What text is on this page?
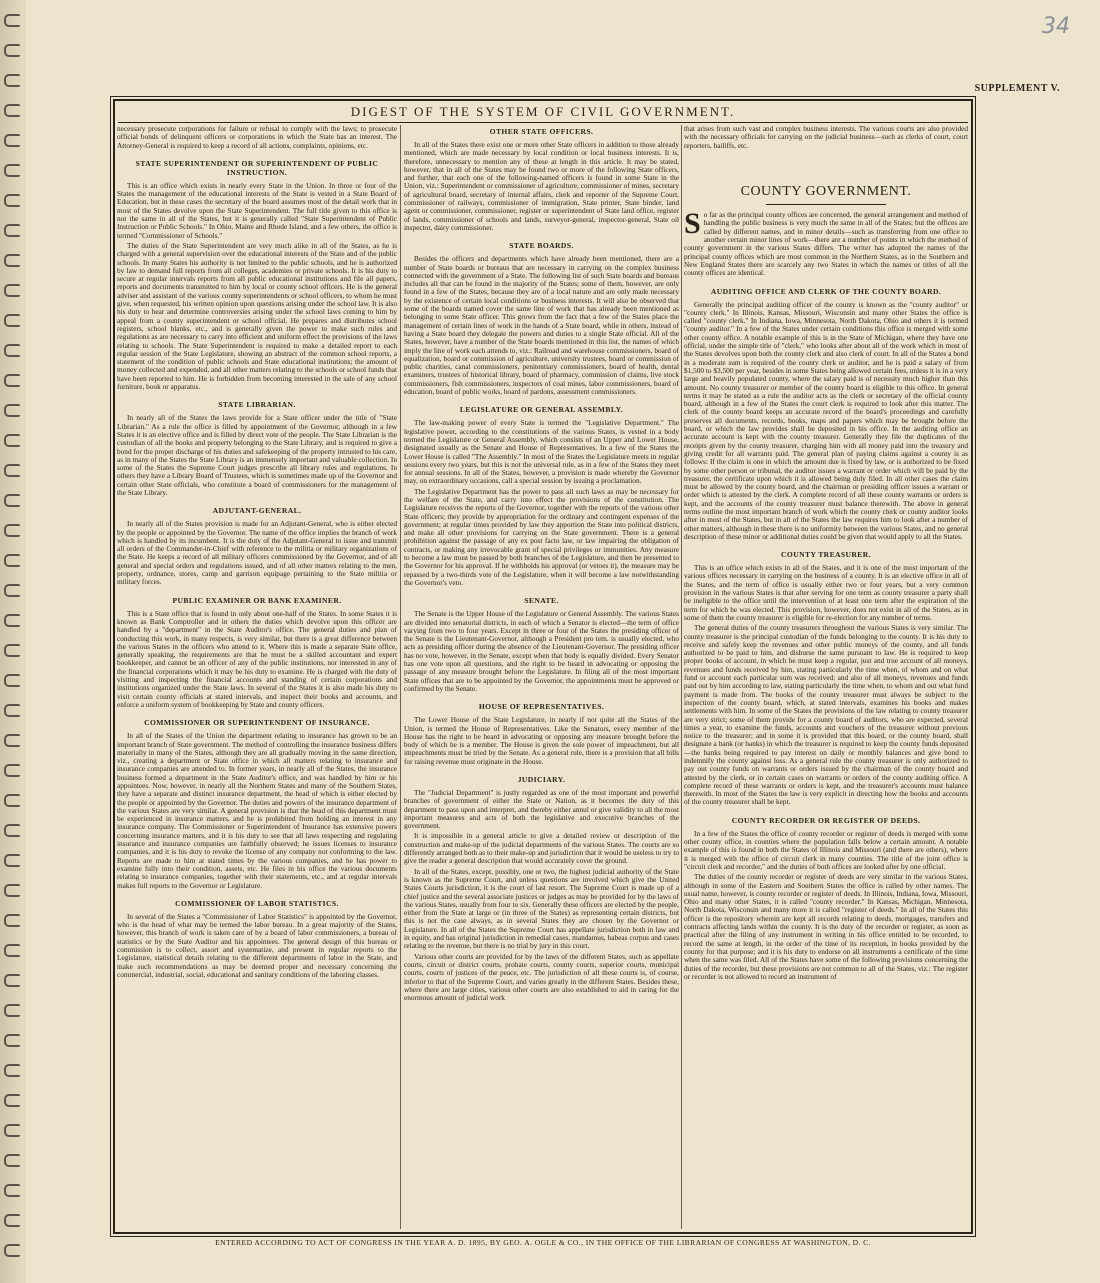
34
SUPPLEMENT V.
DIGEST OF THE SYSTEM OF CIVIL GOVERNMENT.

necessary prosecute corporations for failure or refusal to comply with the laws; to prosecute official bonds of delinquent officers or corporations in which the State has an interest. The Attorney-General is required to keep a record of all actions, complaints, opinions, etc.

STATE SUPERINTENDENT OR SUPERINTENDENT OF PUBLIC INSTRUCTION.

This is an office which exists in nearly every State in the Union. In three or four of the States the management of the educational interests of the State is vested in a State Board of Education, but in these cases the secretary of the board assumes most of the detail work that in most of the States devolve upon the State Superintendent. The full title given to this office is not the same in all of the States, but it is generally called "State Superintendent of Public Instruction or Public Schools." In Ohio, Maine and Rhode Island, and a few others, the office is termed "Commissioner of Schools."

The duties of the State Superintendent are very much alike in all of the States, as he is charged with a general supervision over the educational interests of the State and of the public schools. In many States his authority is not limited to the public schools, and he is authorized by law to demand full reports from all colleges, academies or private schools. It is his duty to secure at regular intervals reports from all public educational institutions and file all papers, reports and documents transmitted to him by local or county school officers. He is the general adviser and assistant of the various county superintendents or school officers, to whom he must give, when requested, his written opinion upon questions arising under the school law. It is also his duty to hear and determine controversies arising under the school laws coming to him by appeal from a county superintendent or school official. He prepares and distributes school registers, school blanks, etc., and is generally given the power to make such rules and regulations as are necessary to carry into efficient and uniform effect the provisions of the laws relating to schools. The State Superintendent is required to make a detailed report to each regular session of the State Legislature, showing an abstract of the common school reports, a statement of the condition of public schools and State educational institutions; the amount of money collected and expended, and all other matters relating to the schools or school funds that have been reported to him. He is forbidden from becoming interested in the sale of any school furniture, book or apparatus.

STATE LIBRARIAN.

In nearly all of the States the laws provide for a State officer under the title of "State Librarian." As a rule the office is filled by appointment of the Governor, although in a few States it is an elective office and is filled by direct vote of the people. The State Librarian is the custodian of all the books and property belonging to the State Library, and is required to give a bond for the proper discharge of his duties and safekeeping of the property intrusted to his care, as in many of the States the State Library is an immensely important and valuable collection. In some of the States the Supreme Court judges prescribe all library rules and regulations. In others they have a Library Board of Trustees, which is sometimes made up of the Governor and certain other State officials, who constitute a board of commissioners for the management of the State Library.

ADJUTANT-GENERAL.

In nearly all of the States provision is made for an Adjutant-General, who is either elected by the people or appointed by the Governor. The name of the office implies the branch of work which is handled by its incumbent. It is the duty of the Adjutant-General to issue and transmit all orders of the Commander-in-Chief with reference to the militia or military organizations of the State. He keeps a record of all military officers commissioned by the Governor, and of all general and special orders and regulations issued, and of all other matters relating to the men, property, ordnance, stores, camp and garrison equipage pertaining to the State militia or military forces.

PUBLIC EXAMINER OR BANK EXAMINER.

This is a State office that is found in only about one-half of the States. In some States it is known as Bank Comptroller and in others the duties which devolve upon this officer are handled by a "department" in the State Auditor's office. The general duties and plan of conducting this work, in many respects, is very similar, but there is a great difference between the various States in the officers who attend to it. Where this is made a separate State office, generally speaking, the requirements are that he must be a skilled accountant and expert bookkeeper, and cannot be an officer of any of the public institutions, nor interested in any of the financial corporations which it may be his duty to examine. He is charged with the duty of visiting and inspecting the financial accounts and standing of certain corporations and institutions organized under the State laws. In several of the States it is also made his duty to visit certain county officials at stated intervals, and inspect their books and accounts, and enforce a uniform system of bookkeeping by State and county officers.

COMMISSIONER OR SUPERINTENDENT OF INSURANCE.

In all of the States of the Union the department relating to insurance has grown to be an important branch of State government. The method of controlling the insurance business differs materially in many of the States, although they are all gradually moving in the same direction, viz., creating a department or State office in which all matters relating to insurance and insurance companies are attended to. In former years, in nearly all of the States, the insurance business formed a department in the State Auditor's office, and was handled by him or his appointees. Now, however, in nearly all the Northern States and many of the Southern States, they have a separate and distinct insurance department, the head of which is either elected by the people or appointed by the Governor. The duties and powers of the insurance department of the various States are very similar. A general provision is that the head of this department must be experienced in insurance matters, and he is prohibited from holding an interest in any insurance company. The Commissioner or Superintendent of Insurance has extensive powers concerning insurance matters, and it is his duty to see that all laws respecting and regulating insurance and insurance companies are faithfully observed; he issues licenses to insurance companies, and it is his duty to revoke the license of any company not conforming to the law. Reports are made to him at stated times by the various companies, and he has power to examine fully into their condition, assets, etc. He files in his office the various documents relating to insurance companies, together with their statements, etc., and at regular intervals makes full reports to the Governor or Legislature.

COMMISSIONER OF LABOR STATISTICS.

In several of the States a "Commissioner of Labor Statistics" is appointed by the Governor, who is the head of what may be termed the labor bureau. In a great majority of the States, however, this branch of work is taken care of by a board of labor commissioners, a bureau of statistics or by the State Auditor and his appointees. The general design of this bureau or commission is to collect, assort and systematize, and present in regular reports to the Legislature, statistical details relating to the different departments of labor in the State, and make such recommendations as may be deemed proper and necessary concerning the commercial, industrial, social, educational and sanitary conditions of the laboring classes.

OTHER STATE OFFICERS.

In all of the States there exist one or more other State officers in addition to those already mentioned, which are made necessary by local condition or local business interests. It is, therefore, unnecessary to mention any of these at length in this article. It may be stated, however, that in all of the States may be found two or more of the following State officers, and further, that each one of the following-named officers is found in some State in the Union, viz.: Superintendent or commissioner of agriculture, commissioner of mines, secretary of agricultural board, secretary of internal affairs, clerk and reporter of the Supreme Court, commissioner of railways, commissioner of immigration, State printer, State binder, land agent or commissioner, commissioner, register or superintendent of State land office, register of lands, commissioner of schools and lands, surveyor-general, inspector-general, State oil inspector, dairy commissioner.

STATE BOARDS.

Besides the officers and departments which have already been mentioned, there are a number of State boards or bureaus that are necessary in carrying on the complex business connected with the government of a State. The following list of such State boards and bureaus includes all that can be found in the majority of the States; some of them, however, are only found in a few of the States, because they are of a local nature and are only made necessary by the existence of certain local conditions or business interests. It will also be observed that some of the boards named cover the same line of work that has already been mentioned as belonging to some State officer. This grows from the fact that a few of the States place the management of certain lines of work in the hands of a State board, while in others, instead of having a State board they delegate the powers and duties to a single State official. All of the States, however, have a number of the State boards mentioned in this list, the names of which imply the line of work each attends to, viz.: Railroad and warehouse commissioners, board of equalization, board or commission of agriculture, university trustees, board or commission of public charities, canal commissioners, penitentiary commissioners, board of health, dental examiners, trustees of historical library, board of pharmacy, commission of claims, live stock commissioners, fish commissioners, inspectors of coal mines, labor commissioners, board of education, board of public works, board of pardons, assessment commissioners.

LEGISLATURE OR GENERAL ASSEMBLY.

The law-making power of every State is termed the "Legislative Department." The legislative power, according to the constitutions of the various States, is vested in a body termed the Legislature or General Assembly, which consists of an Upper and Lower House, designated usually as the Senate and House of Representatives. In a few of the States the Lower House is called "The Assembly." In most of the States the Legislature meets in regular sessions every two years, but this is not the universal rule, as in a few of the States they meet for annual sessions. In all of the States, however, a provision is made whereby the Governor may, on extraordinary occasions, call a special session by issuing a proclamation.

The Legislative Department has the power to pass all such laws as may be necessary for the welfare of the State, and carry into effect the provisions of the constitution. The Legislature receives the reports of the Governor, together with the reports of the various other State officers; they provide by appropriation for the ordinary and contingent expenses of the government; at regular times provided by law they apportion the State into political districts, and make all other provisions for carrying on the State government. There is a general prohibition against the passage of any ex post facto law, or law impairing the obligation of contracts, or making any irrevocable grant of special privileges or immunities. Any measure to become a law must be passed by both branches of the Legislature, and then be presented to the Governor for his approval. If he withholds his approval (or vetoes it), the measure may be repassed by a two-thirds vote of the Legislature, when it will become a law notwithstanding the Governor's veto.

SENATE.

The Senate is the Upper House of the Legislature or General Assembly. The various States are divided into senatorial districts, in each of which a Senator is elected—the term of office varying from two to four years. Except in three or four of the States the presiding officer of the Senate is the Lieutenant-Governor, although a President pro tem. is usually elected, who acts as presiding officer during the absence of the Lieutenant-Governor. The presiding officer has no vote, however, in the Senate, except when that body is equally divided. Every Senator has one vote upon all questions, and the right to be heard in advocating or opposing the passage of any measure brought before the Legislature. In filing all of the most important State offices that are to be appointed by the Governor, the appointments must be approved or confirmed by the Senate.

HOUSE OF REPRESENTATIVES.

The Lower House of the State Legislature, in nearly if not quite all the States of the Union, is termed the House of Representatives. Like the Senators, every member of the House has the right to be heard in advocating or opposing any measure brought before the body of which he is a member. The House is given the sole power of impeachment, but all impeachments must be tried by the Senate. As a general rule, there is a provision that all bills for raising revenue must originate in the House.

JUDICIARY.

The "Judicial Department" is justly regarded as one of the most important and powerful branches of government of either the State or Nation, as it becomes the duty of this department to pass upon and interpret, and thereby either annul or give validity to all the most important measures and acts of both the legislative and executive branches of the government.

It is impossible in a general article to give a detailed review or description of the construction and make-up of the judicial departments of the various States. The courts are so differently arranged both as to their make-up and jurisdiction that it would be useless to try to give the reader a general description that would accurately cover the ground.

In all of the States, except, possibly, one or two, the highest judicial authority of the State is known as the Supreme Court, and unless questions are involved which give the United States Courts jurisdiction, it is the court of last resort. The Supreme Court is made up of a chief justice and the several associate justices or judges as may be provided for by the laws of the various States, usually from four to six. Generally these officers are elected by the people, either from the State at large or (in three of the States) as representing certain districts, but this is not the case always, as in several States they are chosen by the Governor or Legislature. In all of the States the Supreme Court has appellate jurisdiction both in law and in equity, and has original jurisdiction in remedial cases, mandamus, habeas corpus and cases relating to the revenue, but there is no trial by jury in this court.

Various other courts are provided for by the laws of the different States, such as appellate courts, circuit or district courts, probate courts, county courts, superior courts, municipal courts, courts of justices of the peace, etc. The jurisdiction of all these courts is, of course, inferior to that of the Supreme Court, and varies greatly in the different States. Besides these, where there are large cities, various other courts are also established to aid in caring for the enormous amount of judicial work

that arises from such vast and complex business interests. The various courts are also provided with the necessary officials for carrying on the judicial business—such as clerks of court, court reporters, bailiffs, etc.

COUNTY GOVERNMENT.

So far as the principal county offices are concerned, the general arrangement and method of handling the public business is very much the same in all of the States; but the offices are called by different names, and in minor details—such as transferring from one office to another certain minor lines of work—there are a number of points in which the method of county government in the various States differs. The writer has adopted the names of the principal county offices which are most common in the Northern States, as in the Southern and New England States there are scarcely any two States in which the names or titles of all the county offices are identical.

AUDITING OFFICE AND CLERK OF THE COUNTY BOARD.

Generally the principal auditing officer of the county is known as the "county auditor" or "county clerk." In Illinois, Kansas, Missouri, Wisconsin and many other States the office is called "county clerk." In Indiana, Iowa, Minnesota, North Dakota, Ohio and others it is termed "county auditor." In a few of the States under certain conditions this office is merged with some other county office. A notable example of this is in the State of Michigan, where they have one official, under the simple title of "clerk," who looks after about all of the work which in most of the States devolves upon both the county clerk and also clerk of court. In all of the States a bond in a moderate sum is required of the county clerk or auditor, and he is paid a salary of from $1,500 to $3,500 per year, besides in some States being allowed certain fees, unless it is in a very large and heavily populated county, where the salary paid is of necessity much higher than this amount. No county treasurer or member of the county board is eligible to this office. In general terms it may be stated as a rule the auditor acts as the clerk or secretary of the official county board, although in a few of the States the court clerk is required to look after this matter. The clerk of the county board keeps an accurate record of the board's proceedings and carefully preserves all documents, records, books, maps and papers which may be brought before the board, or which the law provides shall be deposited in his office. In the auditing office an accurate account is kept with the county treasurer. Generally they file the duplicates of the receipts given by the county treasurer, charging him with all money paid into the treasury and giving credit for all warrants paid. The general plan of paying claims against a county is as follows: If the claim is one in which the amount due is fixed by law, or is authorized to be fixed by some other person or tribunal, the auditor issues a warrant or order which will be paid by the treasurer, the certificate upon which it is allowed being duly filed. In all other cases the claim must be allowed by the county board, and the chairman or presiding officer issues a warrant or order which is attested by the clerk. A complete record of all these county warrants or orders is kept, and the accounts of the county treasurer must balance therewith. The above in general terms outline the most important branch of work which the county clerk or county auditor looks after in most of the States, but in all of the States the law requires him to look after a number of other matters, although in these there is no uniformity between the various States, and no general description of these minor or additional duties could be given that would apply to all the States.

COUNTY TREASURER.

This is an office which exists in all of the States, and it is one of the most important of the various offices necessary in carrying on the business of a county. It is an elective office in all of the States, and the term of office is usually either two or four years, but a very common provision in the various States is that after serving for one term as county treasurer a party shall be ineligible to the office until the intervention of at least one term after the expiration of the term for which he was elected. This provision, however, does not exist in all of the States, as in some of them the county treasurer is eligible for re-election for any number of terms.

The general duties of the county treasurers throughout the various States is very similar. The county treasurer is the principal custodian of the funds belonging to the county. It is his duty to receive and safely keep the revenues and other public moneys of the county, and all funds authorized to be paid to him, and disburse the same pursuant to law. He is required to keep proper books of account, in which he must keep a regular, just and true account of all moneys, revenues and funds received by him, stating particularly the time when, of whom and on what fund or account each particular sum was received; and also of all moneys, revenues and funds paid out by him according to law, stating particularly the time when, to whom and out what fund payment is made from. The books of the county treasurer must always be subject to the inspection of the county board, which, at stated intervals, examines his books and makes settlements with him. In some of the States the provisions of the law relating to county treasurer are very strict; some of them provide for a county board of auditors, who are expected, several times a year, to examine the funds, accounts and vouchers of the treasurer without previous notice to the treasurer; and in some it is provided that this board, or the county board, shall designate a bank (or banks) in which the treasurer is required to keep the county funds deposited—the banks being required to pay interest on daily or monthly balances and give bond to indemnify the county against loss. As a general rule the county treasurer is only authorized to pay out county funds on warrants or orders issued by the chairman of the county board and attested by the clerk, or in certain cases on warrants or orders of the county auditing office. A complete record of these warrants or orders is kept, and the treasurer's accounts must balance therewith. In most of the States the law is very explicit in directing how the books and accounts of the county treasurer shall be kept.

COUNTY RECORDER OR REGISTER OF DEEDS.

In a few of the States the office of county recorder or register of deeds is merged with some other county office, in counties where the population falls below a certain amount. A notable example of this is found in both the States of Illinois and Missouri (and there are others), where it is merged with the office of circuit clerk in many counties. The title of the joint office is "circuit clerk and recorder," and the duties of both offices are looked after by one official.

The duties of the county recorder or register of deeds are very similar in the various States, although in some of the Eastern and Southern States the office is called by other names. The usual name, however, is county recorder or register of deeds. In Illinois, Indiana, Iowa, Missouri, Ohio and many other States, it is called "county recorder." In Kansas, Michigan, Minnesota, North Dakota, Wisconsin and many more it is called "register of deeds." In all of the States this officer is the repository wherein are kept all records relating to deeds, mortgages, transfers and contracts affecting lands within the county. It is the duty of the recorder or register, as soon as practical after the filing of any instrument in writing in his office entitled to be recorded, to record the same at length, in the order of the time of its reception, in books provided by the county for that purpose; and it is his duty to endorse on all instruments a certificate of the time when the same was filed. All of the States have some of the following provisions concerning the duties of the recorder, but these provisions are not common to all of the States, viz.: The register or recorder is not allowed to record an instrument of

ENTERED ACCORDING TO ACT OF CONGRESS IN THE YEAR A. D. 1895, BY GEO. A. OGLE & CO., IN THE OFFICE OF THE LIBRARIAN OF CONGRESS AT WASHINGTON, D. C.
